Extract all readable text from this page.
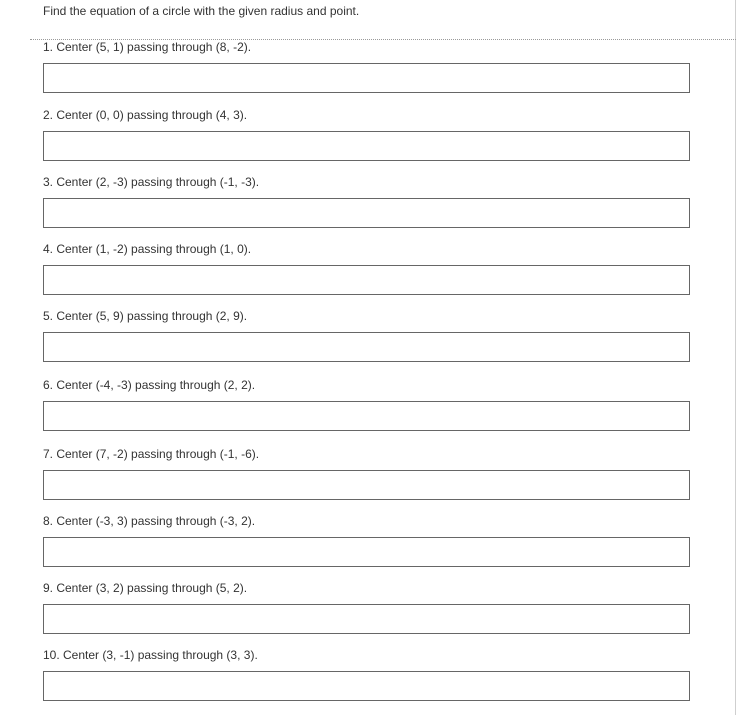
Find the equation of a circle with the given radius and point.
1. Center (5, 1) passing through (8, -2).
2. Center (0, 0) passing through (4, 3).
3. Center (2, -3) passing through (-1, -3).
4. Center (1, -2) passing through (1, 0).
5. Center (5, 9) passing through (2, 9).
6. Center (-4, -3) passing through (2, 2).
7. Center (7, -2) passing through (-1, -6).
8. Center (-3, 3) passing through (-3, 2).
9. Center (3, 2) passing through (5, 2).
10. Center (3, -1) passing through (3, 3).
